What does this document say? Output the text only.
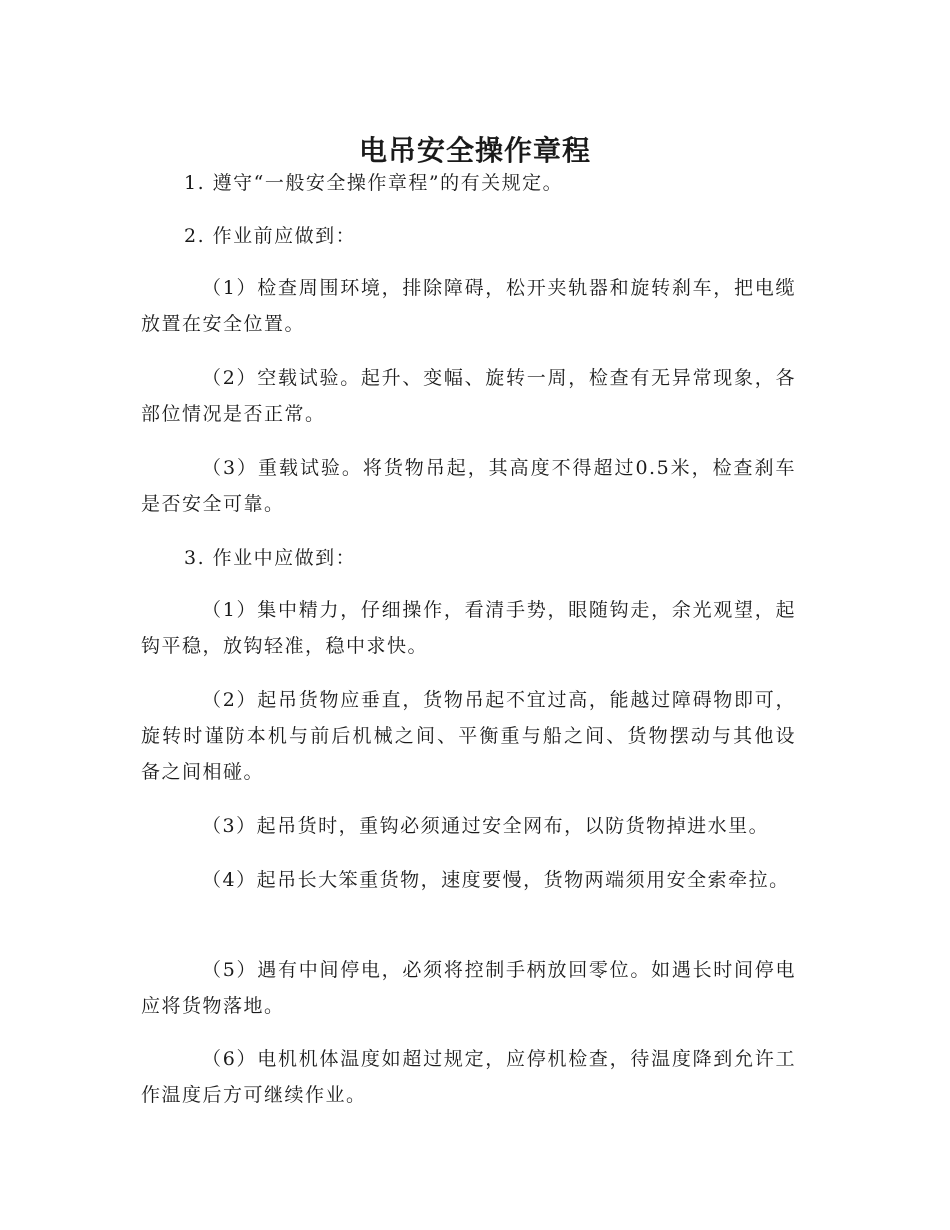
电吊安全操作章程

1. 遵守“一般安全操作章程”的有关规定。

2. 作业前应做到：

（1）检查周围环境，排除障碍，松开夹轨器和旋转刹车，把电缆放置在安全位置。

（2）空载试验。起升、变幅、旋转一周，检查有无异常现象，各部位情况是否正常。

（3）重载试验。将货物吊起，其高度不得超过0.5米，检查刹车是否安全可靠。

3. 作业中应做到：

（1）集中精力，仔细操作，看清手势，眼随钩走，余光观望，起钩平稳，放钩轻准，稳中求快。

（2）起吊货物应垂直，货物吊起不宜过高，能越过障碍物即可，旋转时谨防本机与前后机械之间、平衡重与船之间、货物摆动与其他设备之间相碰。

（3）起吊货时，重钩必须通过安全网布，以防货物掉进水里。

（4）起吊长大笨重货物，速度要慢，货物两端须用安全索牵拉。

（5）遇有中间停电，必须将控制手柄放回零位。如遇长时间停电应将货物落地。

（6）电机机体温度如超过规定，应停机检查，待温度降到允许工作温度后方可继续作业。
